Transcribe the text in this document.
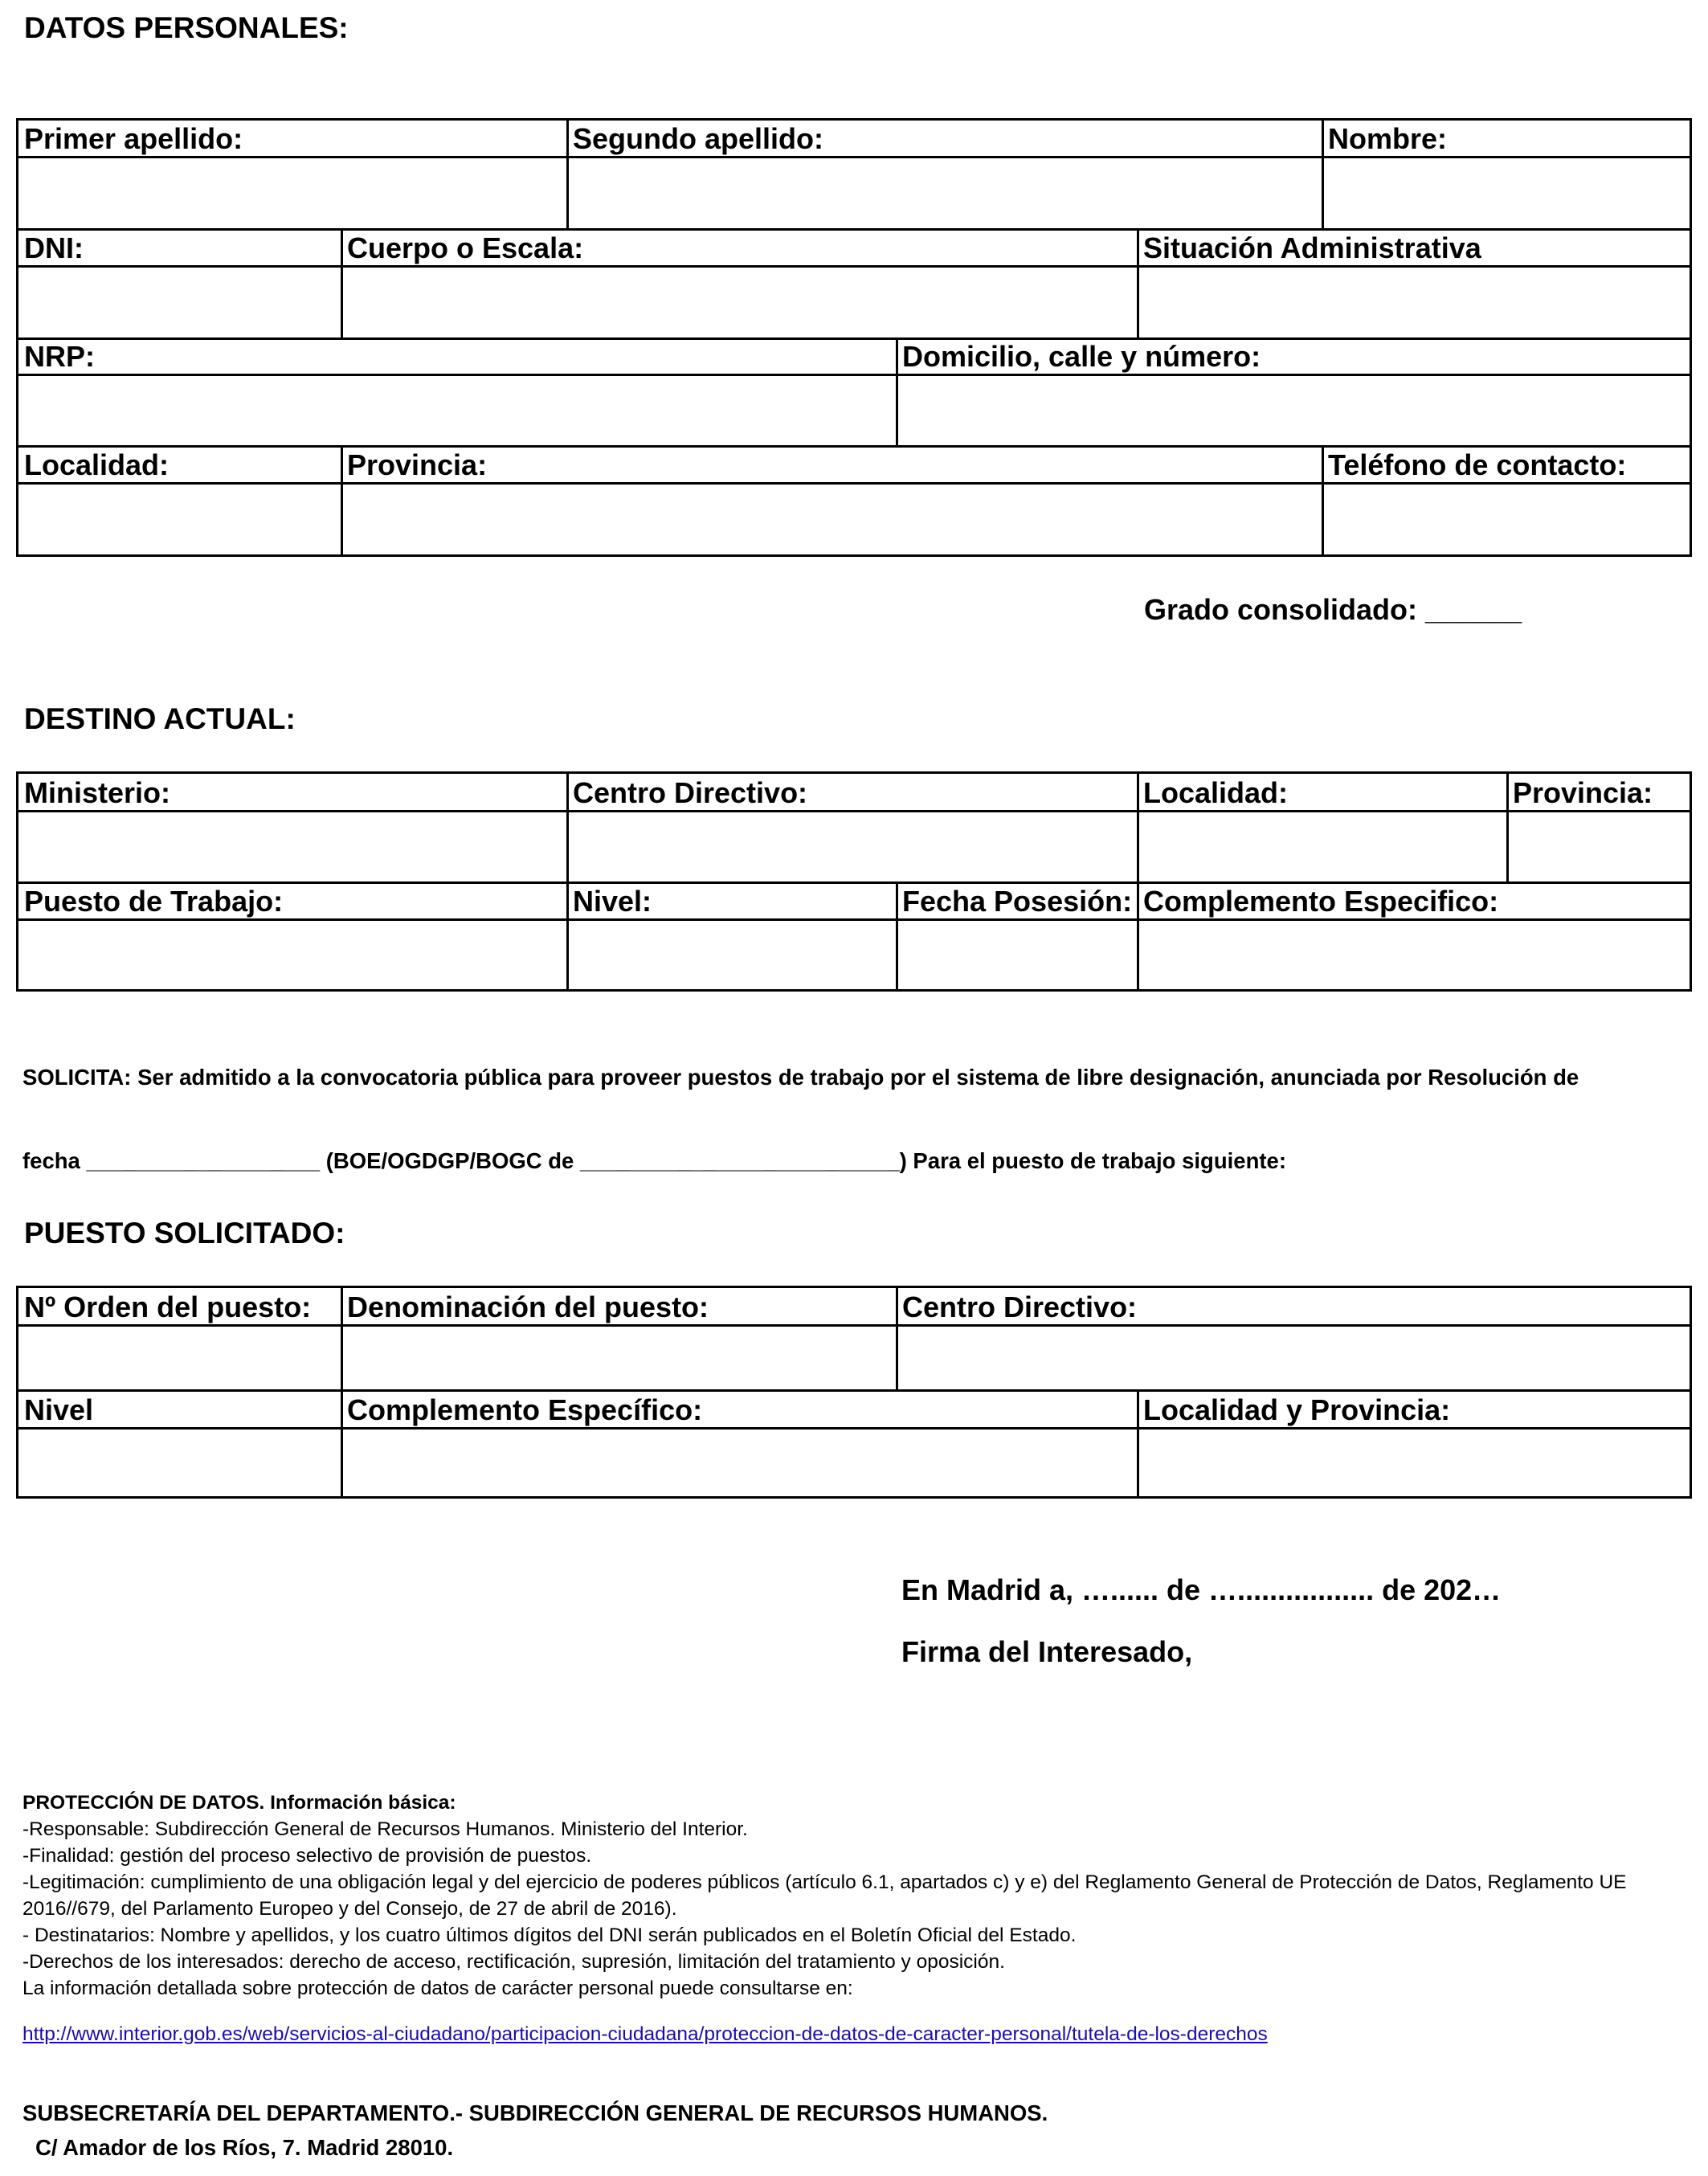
DATOS PERSONALES:
Primer apellido:	Segundo apellido:	Nombre:
DNI:	Cuerpo o Escala:	Situación Administrativa
NRP:	Domicilio, calle y número:
Localidad:	Provincia:	Teléfono de contacto:
Grado consolidado: ______
DESTINO ACTUAL:
Ministerio:	Centro Directivo:	Localidad:	Provincia:
Puesto de Trabajo:	Nivel:	Fecha Posesión: Complemento Especifico:
SOLICITA: Ser admitido a la convocatoria pública para proveer puestos de trabajo por el sistema de libre designación, anunciada por Resolución de
fecha ___________________ (BOE/OGDGP/BOGC de __________________________) Para el puesto de trabajo siguiente:
PUESTO SOLICITADO:
Nº Orden del puesto: Denominación del puesto:	Centro Directivo:
Nivel	Complemento Específico:	Localidad y Provincia:
En Madrid a, …...... de …................. de 202…
Firma del Interesado,
PROTECCIÓN DE DATOS. Información básica:
-Responsable: Subdirección General de Recursos Humanos. Ministerio del Interior.
-Finalidad: gestión del proceso selectivo de provisión de puestos.
-Legitimación: cumplimiento de una obligación legal y del ejercicio de poderes públicos (artículo 6.1, apartados c) y e) del Reglamento General de Protección de Datos, Reglamento UE
2016//679, del Parlamento Europeo y del Consejo, de 27 de abril de 2016).
- Destinatarios: Nombre y apellidos, y los cuatro últimos dígitos del DNI serán publicados en el Boletín Oficial del Estado.
-Derechos de los interesados: derecho de acceso, rectificación, supresión, limitación del tratamiento y oposición.
La información detallada sobre protección de datos de carácter personal puede consultarse en:
http://www.interior.gob.es/web/servicios-al-ciudadano/participacion-ciudadana/proteccion-de-datos-de-caracter-personal/tutela-de-los-derechos
SUBSECRETARÍA DEL DEPARTAMENTO.- SUBDIRECCIÓN GENERAL DE RECURSOS HUMANOS.
C/ Amador de los Ríos, 7. Madrid 28010.
